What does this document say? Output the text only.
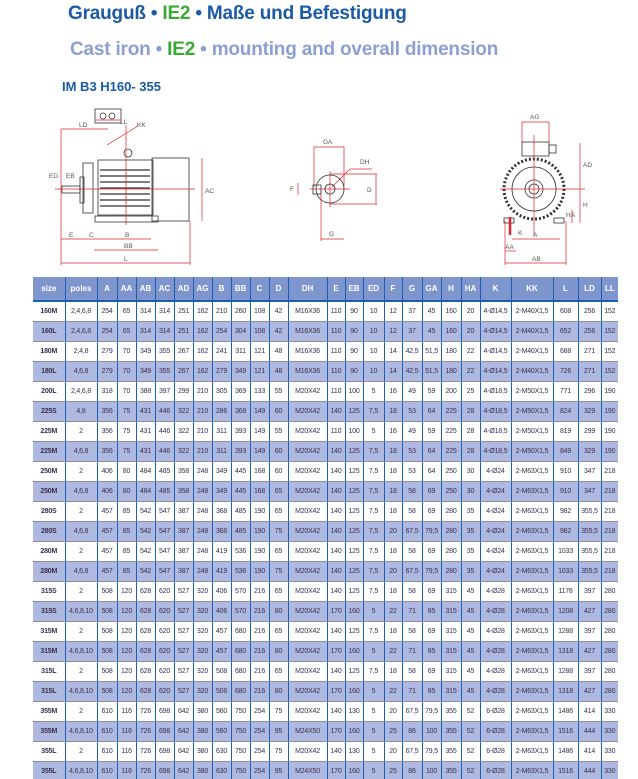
Grauguß • IE2 • Maße und Befestigung
Cast iron • IE2 • mounting and overall dimension
IM B3 H160- 355
LL
LD	KK
ED EB
AC
E C	B
BB
L
GA
DH
F	D
G
AG
AD
H
HA
K A
AA
AB
size	poles	A	AA	AB	AC	AD	AG	B	BB	C	D	DH	E	EB	ED	F	G	GA	H	HA	K	KK	L	LD	LL
160M	2,4,6,8	254	65	314	314	251	162	210	260	108	42	M16X36	110	90	10	12	37	45	160	20	4-Ø14,5	2-M40X1,5	608	256	152
160L	2,4,6,8	254	65	314	314	251	162	254	304	108	42	M16X36	110	90	10	12	37	45	160	20	4-Ø14,5	2-M40X1,5	652	256	152
180M	2,4,8	279	70	349	355	267	162	241	311	121	48	M16X36	110	90	10	14	42,5	51,5	180	22	4-Ø14,5	2-M40X1,5	688	271	152
180L	4,6,8	279	70	349	355	267	162	279	349	121	48	M16X36	110	90	10	14	42,5	51,5	180	22	4-Ø14,5	2-M40X1,5	726	271	152
200L	2,4,6,8	318	70	388	397	299	210	305	369	133	55	M20X42	110	100	5	16	49	59	200	25	4-Ø18,5	2-M50X1,5	771	296	190
225S	4,8	356	75	431	446	322	210	286	368	149	60	M20X42	140	125	7,5	18	53	64	225	28	4-Ø18,5	2-M50X1,5	824	329	190
225M	2	356	75	431	446	322	210	311	393	149	55	M20X42	110	100	5	16	49	59	225	28	4-Ø18,5	2-M50X1,5	819	299	190
225M	4,6,8	356	75	431	446	322	210	311	393	149	60	M20X42	140	125	7,5	18	53	64	225	28	4-Ø18,5	2-M50X1,5	849	329	190
250M	2	406	80	484	485	358	248	349	445	168	60	M20X42	140	125	7,5	18	53	64	250	30	4-Ø24	2-M63X1,5	910	347	218
250M	4,6,8	406	80	484	485	358	248	349	445	168	65	M20X42	140	125	7,5	18	58	69	250	30	4-Ø24	2-M63X1,5	910	347	218
280S	2	457	85	542	547	387	248	368	485	190	65	M20X42	140	125	7,5	18	58	69	280	35	4-Ø24	2-M63X1,5	982	355,5	218
280S	4,6,8	457	85	542	547	387	248	368	485	190	75	M20X42	140	125	7,5	20	67,5	79,5	280	35	4-Ø24	2-M63X1,5	982	355,5	218
280M	2	457	85	542	547	387	248	419	536	190	65	M20X42	140	125	7,5	18	58	69	280	35	4-Ø24	2-M63X1,5	1033	355,5	218
280M	4,6,8	457	85	542	547	387	248	419	536	190	75	M20X42	140	125	7,5	20	67,5	79,5	280	35	4-Ø24	2-M63X1,5	1033	355,5	218
315S	2	508	120	628	620	527	320	406	570	216	65	M20X42	140	125	7,5	18	58	69	315	45	4-Ø28	2-M63X1,5	1178	397	280
315S	4,6,8,10	508	120	628	620	527	320	406	570	216	80	M20X42	170	160	5	22	71	85	315	45	4-Ø28	2-M63X1,5	1208	427	280
315M	2	508	120	628	620	527	320	457	680	216	65	M20X42	140	125	7,5	18	58	69	315	45	4-Ø28	2-M63X1,5	1288	397	280
315M	4,6,8,10	508	120	628	620	527	320	457	680	216	80	M20X42	170	160	5	22	71	85	315	45	4-Ø28	2-M63X1,5	1318	427	280
315L	2	508	120	628	620	527	320	508	680	216	65	M20X42	140	125	7,5	18	58	69	315	45	4-Ø28	2-M63X1,5	1288	397	280
315L	4,6,8,10	508	120	628	620	527	320	508	680	216	80	M20X42	170	160	5	22	71	85	315	45	4-Ø28	2-M63X1,5	1318	427	280
355M	2	610	116	726	698	642	380	560	750	254	75	M20X42	140	130	5	20	67,5	79,5	355	52	6-Ø28	2-M63X1,5	1486	414	330
355M	4,6,8,10	610	116	726	698	642	380	560	750	254	95	M24X50	170	160	5	25	86	100	355	52	6-Ø28	2-M63X1,5	1516	444	330
355L	2	610	116	726	698	642	380	630	750	254	75	M20X42	140	130	5	20	67,5	79,5	355	52	6-Ø28	2-M63X1,5	1486	414	330
355L	4,6,8,10	610	116	726	698	642	380	630	750	254	95	M24X50	170	160	5	25	86	100	355	52	6-Ø28	2-M63X1,5	1516	444	330
